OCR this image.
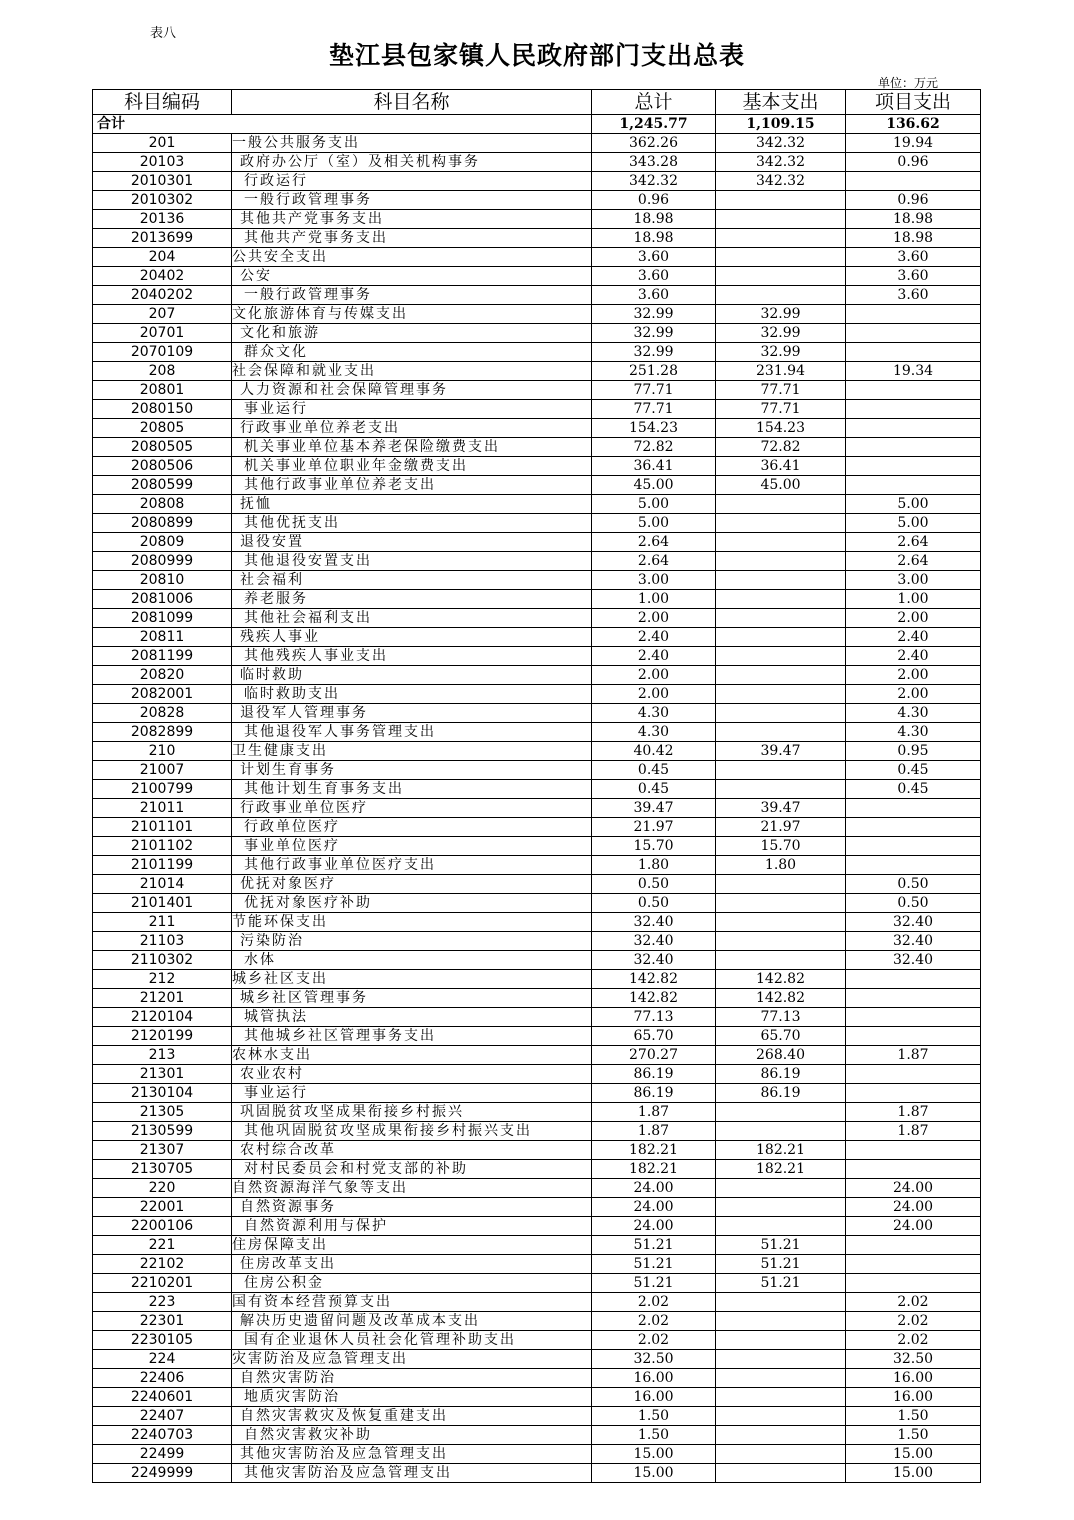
表八
垫江县包家镇人民政府部门支出总表
单位：万元
科目编码	科目名称	总计	基本支出	项目支出
合计		1,245.77	1,109.15	136.62
201	一般公共服务支出	362.26	342.32	19.94
20103	政府办公厅（室）及相关机构事务	343.28	342.32	0.96
2010301	行政运行	342.32	342.32	
2010302	一般行政管理事务	0.96		0.96
20136	其他共产党事务支出	18.98		18.98
2013699	其他共产党事务支出	18.98		18.98
204	公共安全支出	3.60		3.60
20402	公安	3.60		3.60
2040202	一般行政管理事务	3.60		3.60
207	文化旅游体育与传媒支出	32.99	32.99	
20701	文化和旅游	32.99	32.99	
2070109	群众文化	32.99	32.99	
208	社会保障和就业支出	251.28	231.94	19.34
20801	人力资源和社会保障管理事务	77.71	77.71	
2080150	事业运行	77.71	77.71	
20805	行政事业单位养老支出	154.23	154.23	
2080505	机关事业单位基本养老保险缴费支出	72.82	72.82	
2080506	机关事业单位职业年金缴费支出	36.41	36.41	
2080599	其他行政事业单位养老支出	45.00	45.00	
20808	抚恤	5.00		5.00
2080899	其他优抚支出	5.00		5.00
20809	退役安置	2.64		2.64
2080999	其他退役安置支出	2.64		2.64
20810	社会福利	3.00		3.00
2081006	养老服务	1.00		1.00
2081099	其他社会福利支出	2.00		2.00
20811	残疾人事业	2.40		2.40
2081199	其他残疾人事业支出	2.40		2.40
20820	临时救助	2.00		2.00
2082001	临时救助支出	2.00		2.00
20828	退役军人管理事务	4.30		4.30
2082899	其他退役军人事务管理支出	4.30		4.30
210	卫生健康支出	40.42	39.47	0.95
21007	计划生育事务	0.45		0.45
2100799	其他计划生育事务支出	0.45		0.45
21011	行政事业单位医疗	39.47	39.47	
2101101	行政单位医疗	21.97	21.97	
2101102	事业单位医疗	15.70	15.70	
2101199	其他行政事业单位医疗支出	1.80	1.80	
21014	优抚对象医疗	0.50		0.50
2101401	优抚对象医疗补助	0.50		0.50
211	节能环保支出	32.40		32.40
21103	污染防治	32.40		32.40
2110302	水体	32.40		32.40
212	城乡社区支出	142.82	142.82	
21201	城乡社区管理事务	142.82	142.82	
2120104	城管执法	77.13	77.13	
2120199	其他城乡社区管理事务支出	65.70	65.70	
213	农林水支出	270.27	268.40	1.87
21301	农业农村	86.19	86.19	
2130104	事业运行	86.19	86.19	
21305	巩固脱贫攻坚成果衔接乡村振兴	1.87		1.87
2130599	其他巩固脱贫攻坚成果衔接乡村振兴支出	1.87		1.87
21307	农村综合改革	182.21	182.21	
2130705	对村民委员会和村党支部的补助	182.21	182.21	
220	自然资源海洋气象等支出	24.00		24.00
22001	自然资源事务	24.00		24.00
2200106	自然资源利用与保护	24.00		24.00
221	住房保障支出	51.21	51.21	
22102	住房改革支出	51.21	51.21	
2210201	住房公积金	51.21	51.21	
223	国有资本经营预算支出	2.02		2.02
22301	解决历史遗留问题及改革成本支出	2.02		2.02
2230105	国有企业退休人员社会化管理补助支出	2.02		2.02
224	灾害防治及应急管理支出	32.50		32.50
22406	自然灾害防治	16.00		16.00
2240601	地质灾害防治	16.00		16.00
22407	自然灾害救灾及恢复重建支出	1.50		1.50
2240703	自然灾害救灾补助	1.50		1.50
22499	其他灾害防治及应急管理支出	15.00		15.00
2249999	其他灾害防治及应急管理支出	15.00		15.00
